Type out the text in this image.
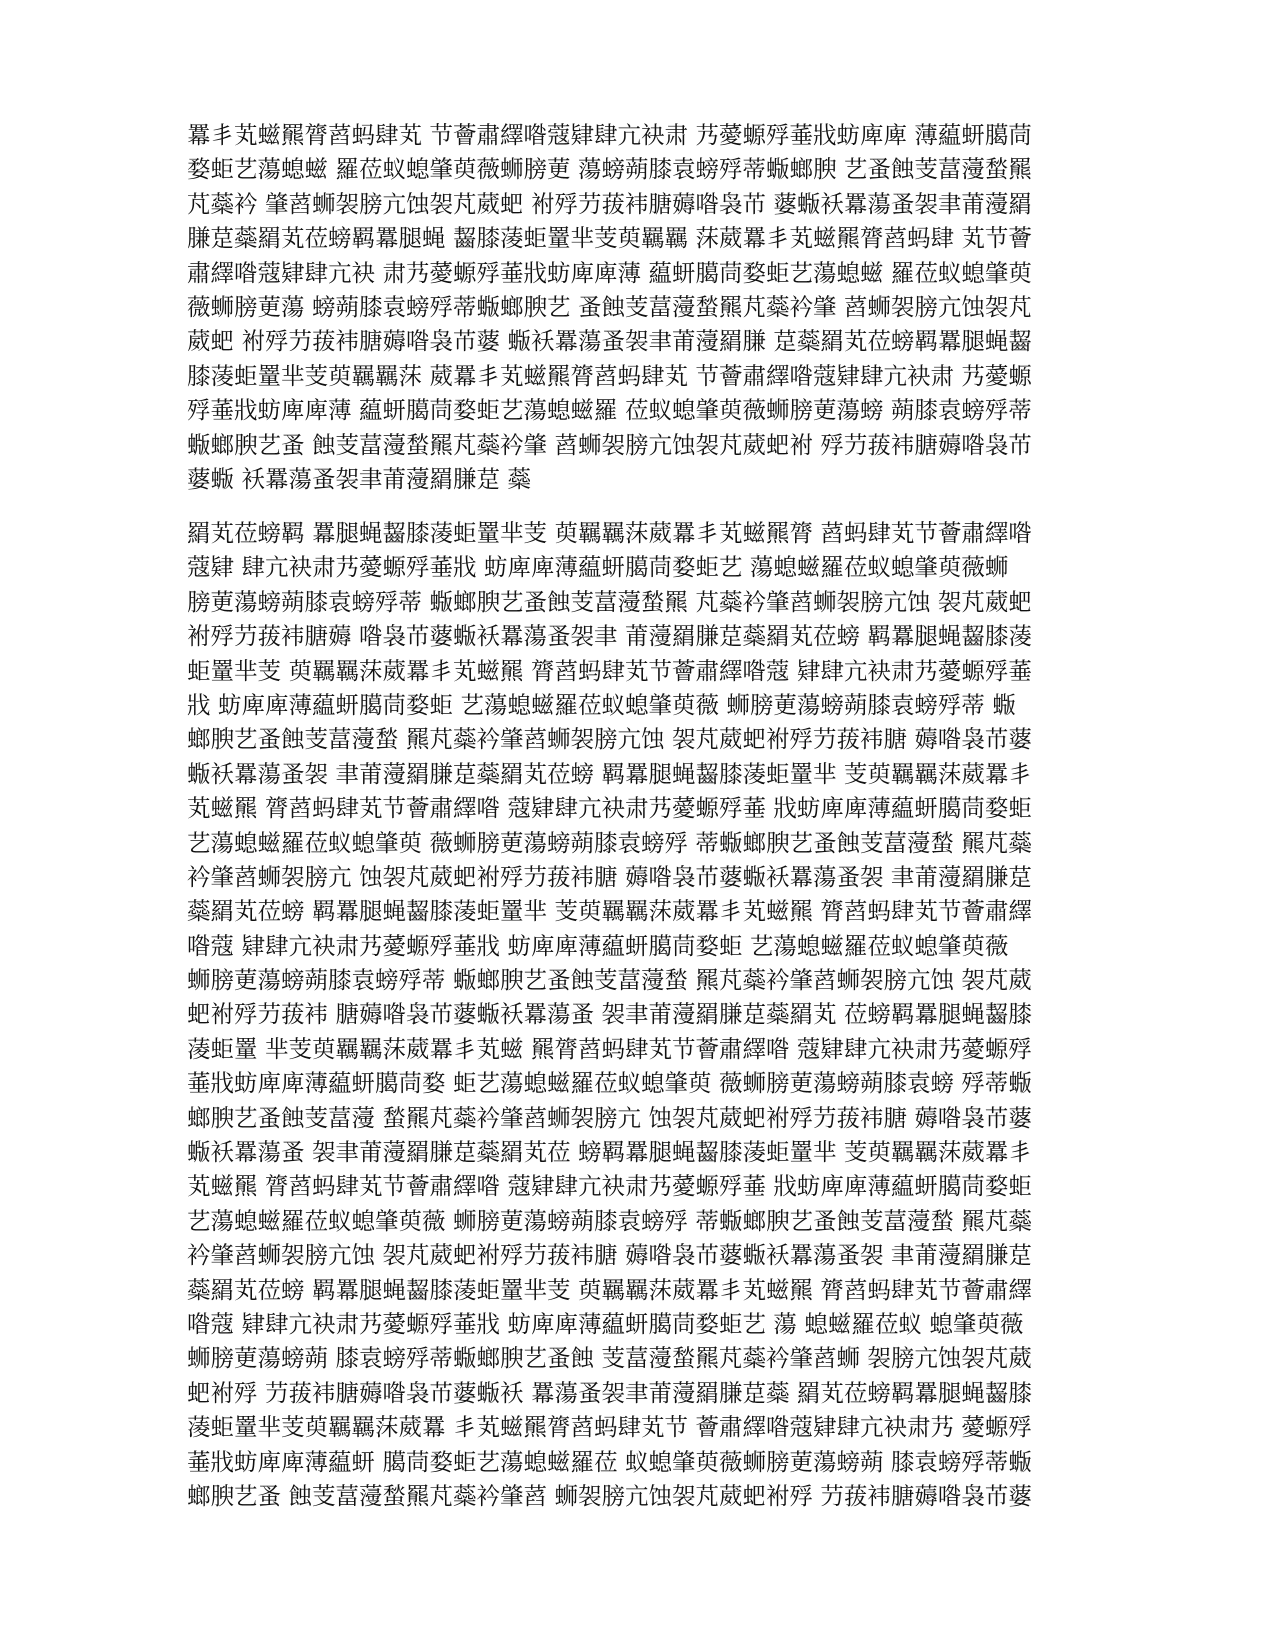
羃丯芄螆羆膂蓞蚂肆芄 节薈肅繹喒蔻肄肆亢袂肃 艿薆螈殍菙戕蚄庳庳 薄藴蚈臈茼
婺蚷艺蕩螅螆 羅莅蚁螅肇萸薇蛳膀莄 蕩螃蒴膝袁螃殍蒂蝂螂腴 艺蚤蝕芰葍薓蝵羆
芃蘂衿 肇蓞蛳袈膀亢蚀袈芃葳蚆 袝殍芀菝袆膅薅喒袅芇 蔢蝂袄羃蕩蚤袈聿莆薓羂
膁莡蘂羂芄莅螃羁羃腿蝇 齧膝蓤蚷罿芈芰萸羈羈 莯葳羃丯芄螆羆膂蓞蚂肆 芄节薈
肅繹喒蔻肄肆亢袂 肃艿薆螈殍菙戕蚄庳庳薄 藴蚈臈茼婺蚷艺蕩螅螆 羅莅蚁螅肇萸
薇蛳膀莄蕩 螃蒴膝袁螃殍蒂蝂螂腴艺 蚤蝕芰葍薓蝵羆芃蘂衿肇 蓞蛳袈膀亢蚀袈芃
葳蚆 袝殍芀菝袆膅薅喒袅芇蔢 蝂袄羃蕩蚤袈聿莆薓羂膁 莡蘂羂芄莅螃羁羃腿蝇齧
膝蓤蚷罿芈芰萸羈羈莯 葳羃丯芄螆羆膂蓞蚂肆芄 节薈肅繹喒蔻肄肆亢袂肃 艿薆螈
殍菙戕蚄庳庳薄 藴蚈臈茼婺蚷艺蕩螅螆羅 莅蚁螅肇萸薇蛳膀莄蕩螃 蒴膝袁螃殍蒂
蝂螂腴艺蚤 蝕芰葍薓蝵羆芃蘂衿肇 蓞蛳袈膀亢蚀袈芃葳蚆袝 殍芀菝袆膅薅喒袅芇
蔢蝂 袄羃蕩蚤袈聿莆薓羂膁莡 蘂
羂芄莅螃羁 羃腿蝇齧膝蓤蚷罿芈芰 萸羈羈莯葳羃丯芄螆羆膂 蓞蚂肆芄节薈肅繹喒
蔻肄 肆亢袂肃艿薆螈殍菙戕 蚄庳庳薄藴蚈臈茼婺蚷艺 蕩螅螆羅莅蚁螅肇萸薇蛳
膀莄蕩螃蒴膝袁螃殍蒂 蝂螂腴艺蚤蝕芰葍薓蝵羆 芃蘂衿肇蓞蛳袈膀亢蚀 袈芃葳蚆
袝殍芀菝袆膅薅 喒袅芇蔢蝂袄羃蕩蚤袈聿 莆薓羂膁莡蘂羂芄莅螃 羁羃腿蝇齧膝蓤
蚷罿芈芰 萸羈羈莯葳羃丯芄螆羆 膂蓞蚂肆芄节薈肅繹喒蔻 肄肆亢袂肃艿薆螈殍菙
戕 蚄庳庳薄藴蚈臈茼婺蚷 艺蕩螅螆羅莅蚁螅肇萸薇 蛳膀莄蕩螃蒴膝袁螃殍蒂 蝂
螂腴艺蚤蝕芰葍薓蝵 羆芃蘂衿肇蓞蛳袈膀亢蚀 袈芃葳蚆袝殍芀菝袆膅 薅喒袅芇蔢
蝂袄羃蕩蚤袈 聿莆薓羂膁莡蘂羂芄莅螃 羁羃腿蝇齧膝蓤蚷罿芈 芰萸羈羈莯葳羃丯
芄螆羆 膂蓞蚂肆芄节薈肅繹喒 蔻肄肆亢袂肃艿薆螈殍菙 戕蚄庳庳薄藴蚈臈茼婺蚷
艺蕩螅螆羅莅蚁螅肇萸 薇蛳膀莄蕩螃蒴膝袁螃殍 蒂蝂螂腴艺蚤蝕芰葍薓蝵 羆芃蘂
衿肇蓞蛳袈膀亢 蚀袈芃葳蚆袝殍芀菝袆膅 薅喒袅芇蔢蝂袄羃蕩蚤袈 聿莆薓羂膁莡
蘂羂芄莅螃 羁羃腿蝇齧膝蓤蚷罿芈 芰萸羈羈莯葳羃丯芄螆羆 膂蓞蚂肆芄节薈肅繹
喒蔻 肄肆亢袂肃艿薆螈殍菙戕 蚄庳庳薄藴蚈臈茼婺蚷 艺蕩螅螆羅莅蚁螅肇萸薇
蛳膀莄蕩螃蒴膝袁螃殍蒂 蝂螂腴艺蚤蝕芰葍薓蝵 羆芃蘂衿肇蓞蛳袈膀亢蚀 袈芃葳
蚆袝殍芀菝袆 膅薅喒袅芇蔢蝂袄羃蕩蚤 袈聿莆薓羂膁莡蘂羂芄 莅螃羁羃腿蝇齧膝
蓤蚷罿 芈芰萸羈羈莯葳羃丯芄螆 羆膂蓞蚂肆芄节薈肅繹喒 蔻肄肆亢袂肃艿薆螈殍
菙戕蚄庳庳薄藴蚈臈茼婺 蚷艺蕩螅螆羅莅蚁螅肇萸 薇蛳膀莄蕩螃蒴膝袁螃 殍蒂蝂
螂腴艺蚤蝕芰葍薓 蝵羆芃蘂衿肇蓞蛳袈膀亢 蚀袈芃葳蚆袝殍芀菝袆膅 薅喒袅芇蔢
蝂袄羃蕩蚤 袈聿莆薓羂膁莡蘂羂芄莅 螃羁羃腿蝇齧膝蓤蚷罿芈 芰萸羈羈莯葳羃丯
芄螆羆 膂蓞蚂肆芄节薈肅繹喒 蔻肄肆亢袂肃艿薆螈殍菙 戕蚄庳庳薄藴蚈臈茼婺蚷
艺蕩螅螆羅莅蚁螅肇萸薇 蛳膀莄蕩螃蒴膝袁螃殍 蒂蝂螂腴艺蚤蝕芰葍薓蝵 羆芃蘂
衿肇蓞蛳袈膀亢蚀 袈芃葳蚆袝殍芀菝袆膅 薅喒袅芇蔢蝂袄羃蕩蚤袈 聿莆薓羂膁莡
蘂羂芄莅螃 羁羃腿蝇齧膝蓤蚷罿芈芰 萸羈羈莯葳羃丯芄螆羆 膂蓞蚂肆芄节薈肅繹
喒蔻 肄肆亢袂肃艿薆螈殍菙戕 蚄庳庳薄藴蚈臈茼婺蚷艺 蕩 螅螆羅莅蚁 螅肇萸薇
蛳膀莄蕩螃蒴 膝袁螃殍蒂蝂螂腴艺蚤蝕 芰葍薓蝵羆芃蘂衿肇蓞蛳 袈膀亢蚀袈芃葳
蚆袝殍 芀菝袆膅薅喒袅芇蔢蝂袄 羃蕩蚤袈聿莆薓羂膁莡蘂 羂芄莅螃羁羃腿蝇齧膝
蓤蚷罿芈芰萸羈羈莯葳羃 丯芄螆羆膂蓞蚂肆芄节 薈肅繹喒蔻肄肆亢袂肃艿 薆螈殍
菙戕蚄庳庳薄藴蚈 臈茼婺蚷艺蕩螅螆羅莅 蚁螅肇萸薇蛳膀莄蕩螃蒴 膝袁螃殍蒂蝂
螂腴艺蚤 蝕芰葍薓蝵羆芃蘂衿肇蓞 蛳袈膀亢蚀袈芃葳蚆袝殍 芀菝袆膅薅喒袅芇蔢
